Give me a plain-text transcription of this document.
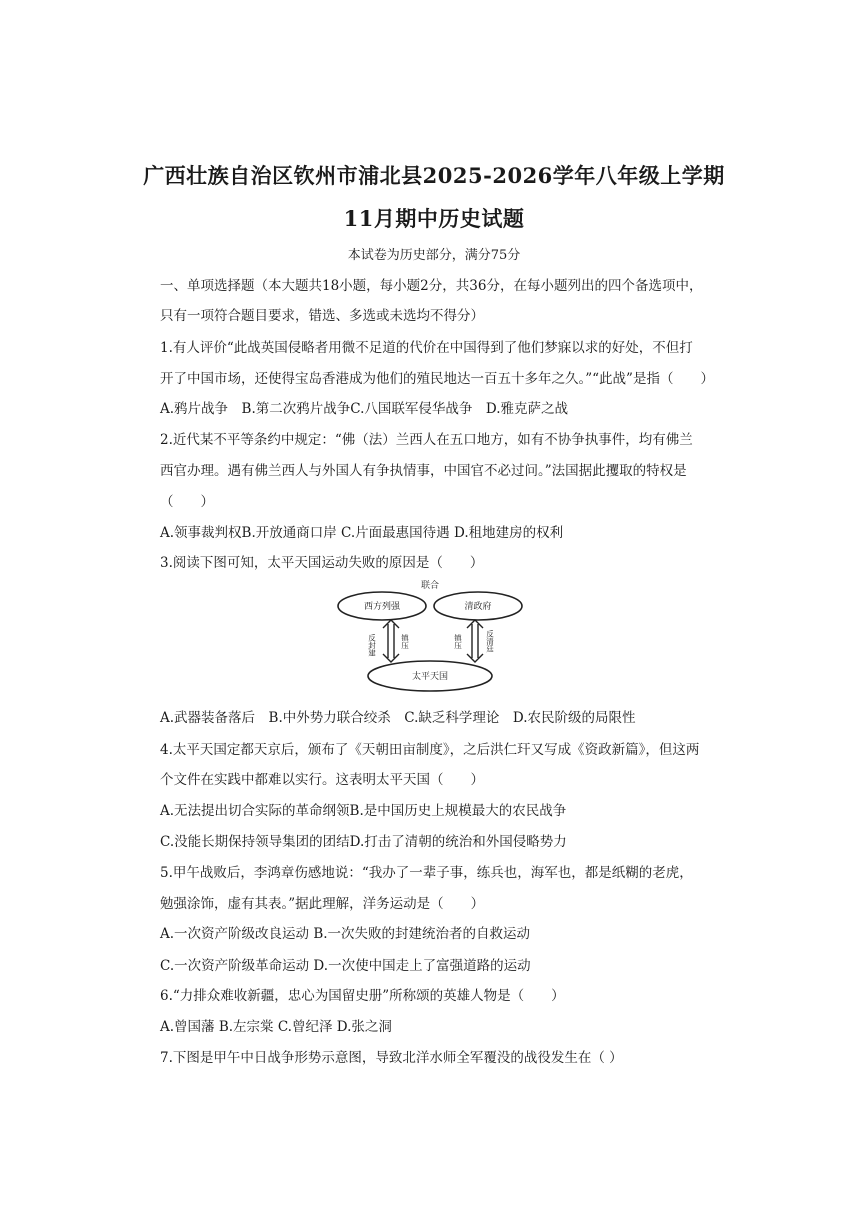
广西壮族自治区钦州市浦北县2025-2026学年八年级上学期
11月期中历史试题
本试卷为历史部分，满分75分
一、单项选择题（本大题共18小题，每小题2分，共36分，在每小题列出的四个备选项中，
只有一项符合题目要求，错选、多选或未选均不得分）
1.有人评价“此战英国侵略者用微不足道的代价在中国得到了他们梦寐以求的好处，不但打
开了中国市场，还使得宝岛香港成为他们的殖民地达一百五十多年之久。”“此战”是指（　　）
A.鸦片战争　B.第二次鸦片战争C.八国联军侵华战争　D.雅克萨之战
2.近代某不平等条约中规定：“佛（法）兰西人在五口地方，如有不协争执事件，均有佛兰
西官办理。遇有佛兰西人与外国人有争执情事，中国官不必过问。”法国据此攫取的特权是
（　　）
A.领事裁判权B.开放通商口岸 C.片面最惠国待遇 D.租地建房的权利
3.阅读下图可知，太平天国运动失败的原因是（　　）
联合
西方列强	清政府
太平天国
反封建	镇压	镇压	反清廷
A.武器装备落后　B.中外势力联合绞杀　C.缺乏科学理论　D.农民阶级的局限性
4.太平天国定都天京后，颁布了《天朝田亩制度》，之后洪仁玕又写成《资政新篇》，但这两
个文件在实践中都难以实行。这表明太平天国（　　）
A.无法提出切合实际的革命纲领B.是中国历史上规模最大的农民战争
C.没能长期保持领导集团的团结D.打击了清朝的统治和外国侵略势力
5.甲午战败后，李鸿章伤感地说：“我办了一辈子事，练兵也，海军也，都是纸糊的老虎，
勉强涂饰，虚有其表。”据此理解，洋务运动是（　　）
A.一次资产阶级改良运动 B.一次失败的封建统治者的自救运动
C.一次资产阶级革命运动 D.一次使中国走上了富强道路的运动
6.“力排众难收新疆，忠心为国留史册”所称颂的英雄人物是（　　）
A.曾国藩 B.左宗棠 C.曾纪泽 D.张之洞
7.下图是甲午中日战争形势示意图，导致北洋水师全军覆没的战役发生在（ ）
